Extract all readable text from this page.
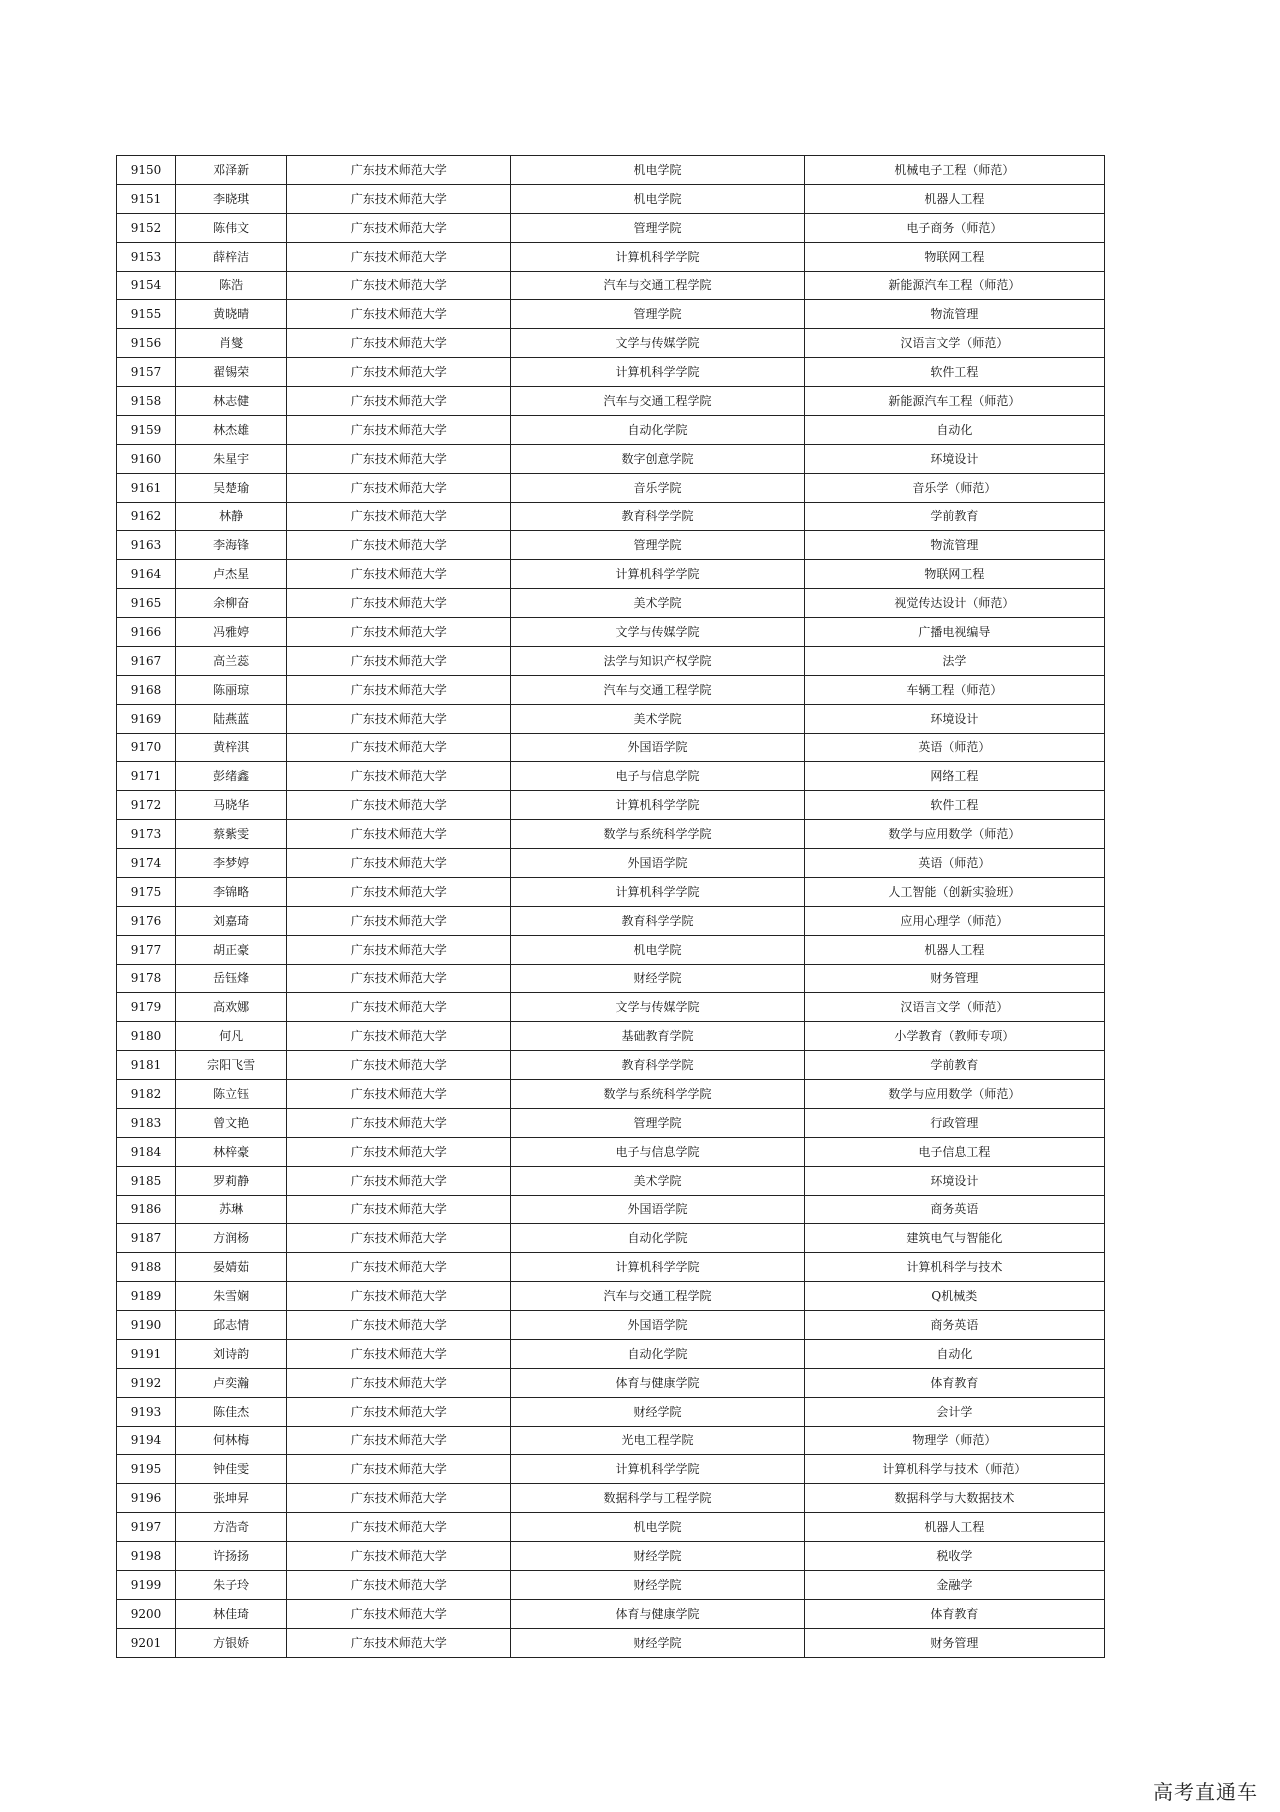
9150	邓泽新	广东技术师范大学	机电学院	机械电子工程（师范）
9151	李晓琪	广东技术师范大学	机电学院	机器人工程
9152	陈伟文	广东技术师范大学	管理学院	电子商务（师范）
9153	薛梓洁	广东技术师范大学	计算机科学学院	物联网工程
9154	陈浩	广东技术师范大学	汽车与交通工程学院	新能源汽车工程（师范）
9155	黄晓晴	广东技术师范大学	管理学院	物流管理
9156	肖燮	广东技术师范大学	文学与传媒学院	汉语言文学（师范）
9157	翟锡荣	广东技术师范大学	计算机科学学院	软件工程
9158	林志健	广东技术师范大学	汽车与交通工程学院	新能源汽车工程（师范）
9159	林杰雄	广东技术师范大学	自动化学院	自动化
9160	朱星宇	广东技术师范大学	数字创意学院	环境设计
9161	吴楚瑜	广东技术师范大学	音乐学院	音乐学（师范）
9162	林静	广东技术师范大学	教育科学学院	学前教育
9163	李海锋	广东技术师范大学	管理学院	物流管理
9164	卢杰星	广东技术师范大学	计算机科学学院	物联网工程
9165	余柳奋	广东技术师范大学	美术学院	视觉传达设计（师范）
9166	冯雅婷	广东技术师范大学	文学与传媒学院	广播电视编导
9167	高兰蕊	广东技术师范大学	法学与知识产权学院	法学
9168	陈丽琼	广东技术师范大学	汽车与交通工程学院	车辆工程（师范）
9169	陆燕蓝	广东技术师范大学	美术学院	环境设计
9170	黄梓淇	广东技术师范大学	外国语学院	英语（师范）
9171	彭绪鑫	广东技术师范大学	电子与信息学院	网络工程
9172	马晓华	广东技术师范大学	计算机科学学院	软件工程
9173	蔡紫雯	广东技术师范大学	数学与系统科学学院	数学与应用数学（师范）
9174	李梦婷	广东技术师范大学	外国语学院	英语（师范）
9175	李锦略	广东技术师范大学	计算机科学学院	人工智能（创新实验班）
9176	刘嘉琦	广东技术师范大学	教育科学学院	应用心理学（师范）
9177	胡正豪	广东技术师范大学	机电学院	机器人工程
9178	岳钰烽	广东技术师范大学	财经学院	财务管理
9179	高欢娜	广东技术师范大学	文学与传媒学院	汉语言文学（师范）
9180	何凡	广东技术师范大学	基础教育学院	小学教育（教师专项）
9181	宗阳飞雪	广东技术师范大学	教育科学学院	学前教育
9182	陈立钰	广东技术师范大学	数学与系统科学学院	数学与应用数学（师范）
9183	曾文艳	广东技术师范大学	管理学院	行政管理
9184	林梓豪	广东技术师范大学	电子与信息学院	电子信息工程
9185	罗莉静	广东技术师范大学	美术学院	环境设计
9186	苏琳	广东技术师范大学	外国语学院	商务英语
9187	方润杨	广东技术师范大学	自动化学院	建筑电气与智能化
9188	晏婧茹	广东技术师范大学	计算机科学学院	计算机科学与技术
9189	朱雪娴	广东技术师范大学	汽车与交通工程学院	Q机械类
9190	邱志情	广东技术师范大学	外国语学院	商务英语
9191	刘诗韵	广东技术师范大学	自动化学院	自动化
9192	卢奕瀚	广东技术师范大学	体育与健康学院	体育教育
9193	陈佳杰	广东技术师范大学	财经学院	会计学
9194	何林梅	广东技术师范大学	光电工程学院	物理学（师范）
9195	钟佳雯	广东技术师范大学	计算机科学学院	计算机科学与技术（师范）
9196	张坤昇	广东技术师范大学	数据科学与工程学院	数据科学与大数据技术
9197	方浩奇	广东技术师范大学	机电学院	机器人工程
9198	许扬扬	广东技术师范大学	财经学院	税收学
9199	朱子玲	广东技术师范大学	财经学院	金融学
9200	林佳琦	广东技术师范大学	体育与健康学院	体育教育
9201	方银娇	广东技术师范大学	财经学院	财务管理
高考直通车
